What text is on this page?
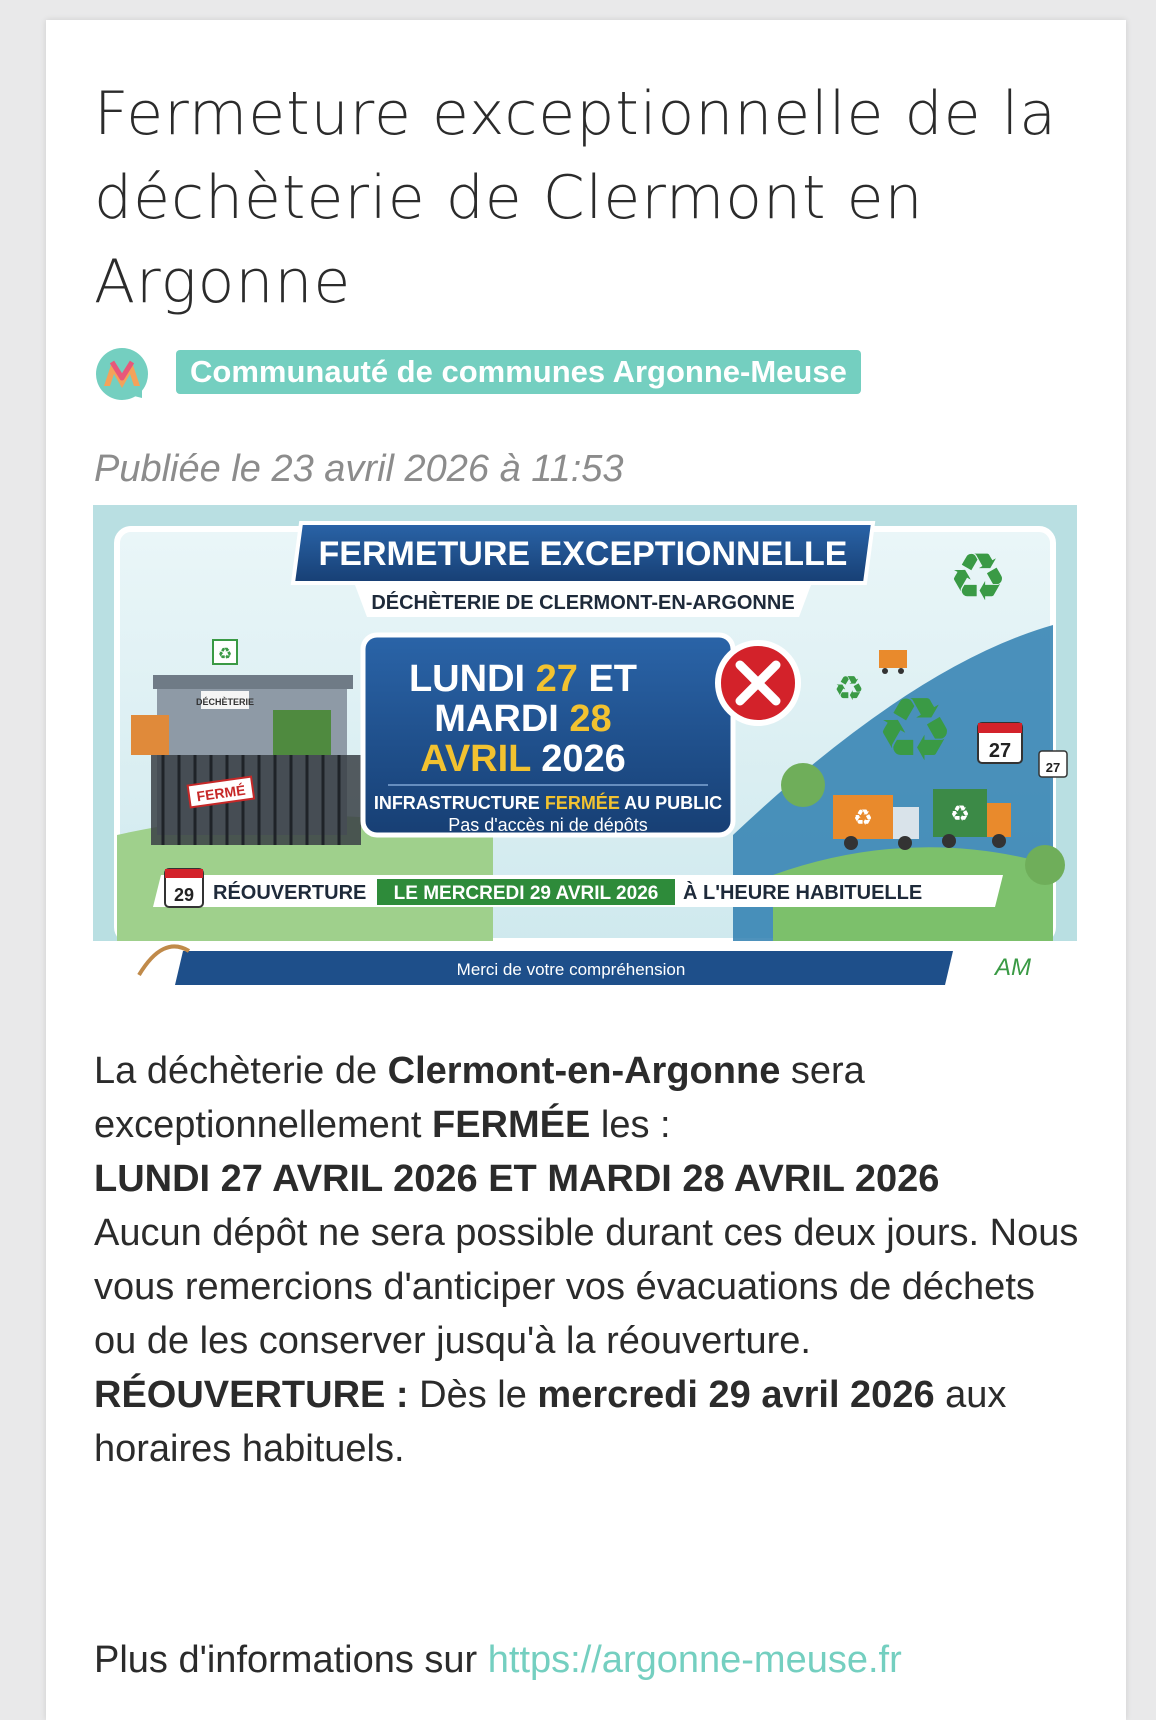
Fermeture exceptionnelle de la déchèterie de Clermont en Argonne
Communauté de communes Argonne-Meuse
Publiée le 23 avril 2026 à 11:53
FERMETURE EXCEPTIONNELLE
DÉCHÈTERIE DE CLERMONT-EN-ARGONNE
DÉCHÈTERIE
♻
FERMÉ
LUNDI 27 ET
MARDI 28
AVRIL 2026
INFRASTRUCTURE FERMÉE AU PUBLIC
Pas d'accès ni de dépôts
♻
♻
♻
27
27
♻	♻
29 RÉOUVERTURE LE MERCREDI 29 AVRIL 2026 À L'HEURE HABITUELLE
Merci de votre compréhension	AM

La déchèterie de Clermont-en-Argonne sera exceptionnellement FERMÉE les :
LUNDI 27 AVRIL 2026 ET MARDI 28 AVRIL 2026
Aucun dépôt ne sera possible durant ces deux jours. Nous vous remercions d'anticiper vos évacuations de déchets ou de les conserver jusqu'à la réouverture.
RÉOUVERTURE : Dès le mercredi 29 avril 2026 aux horaires habituels.

Plus d'informations sur https://argonne-meuse.fr
